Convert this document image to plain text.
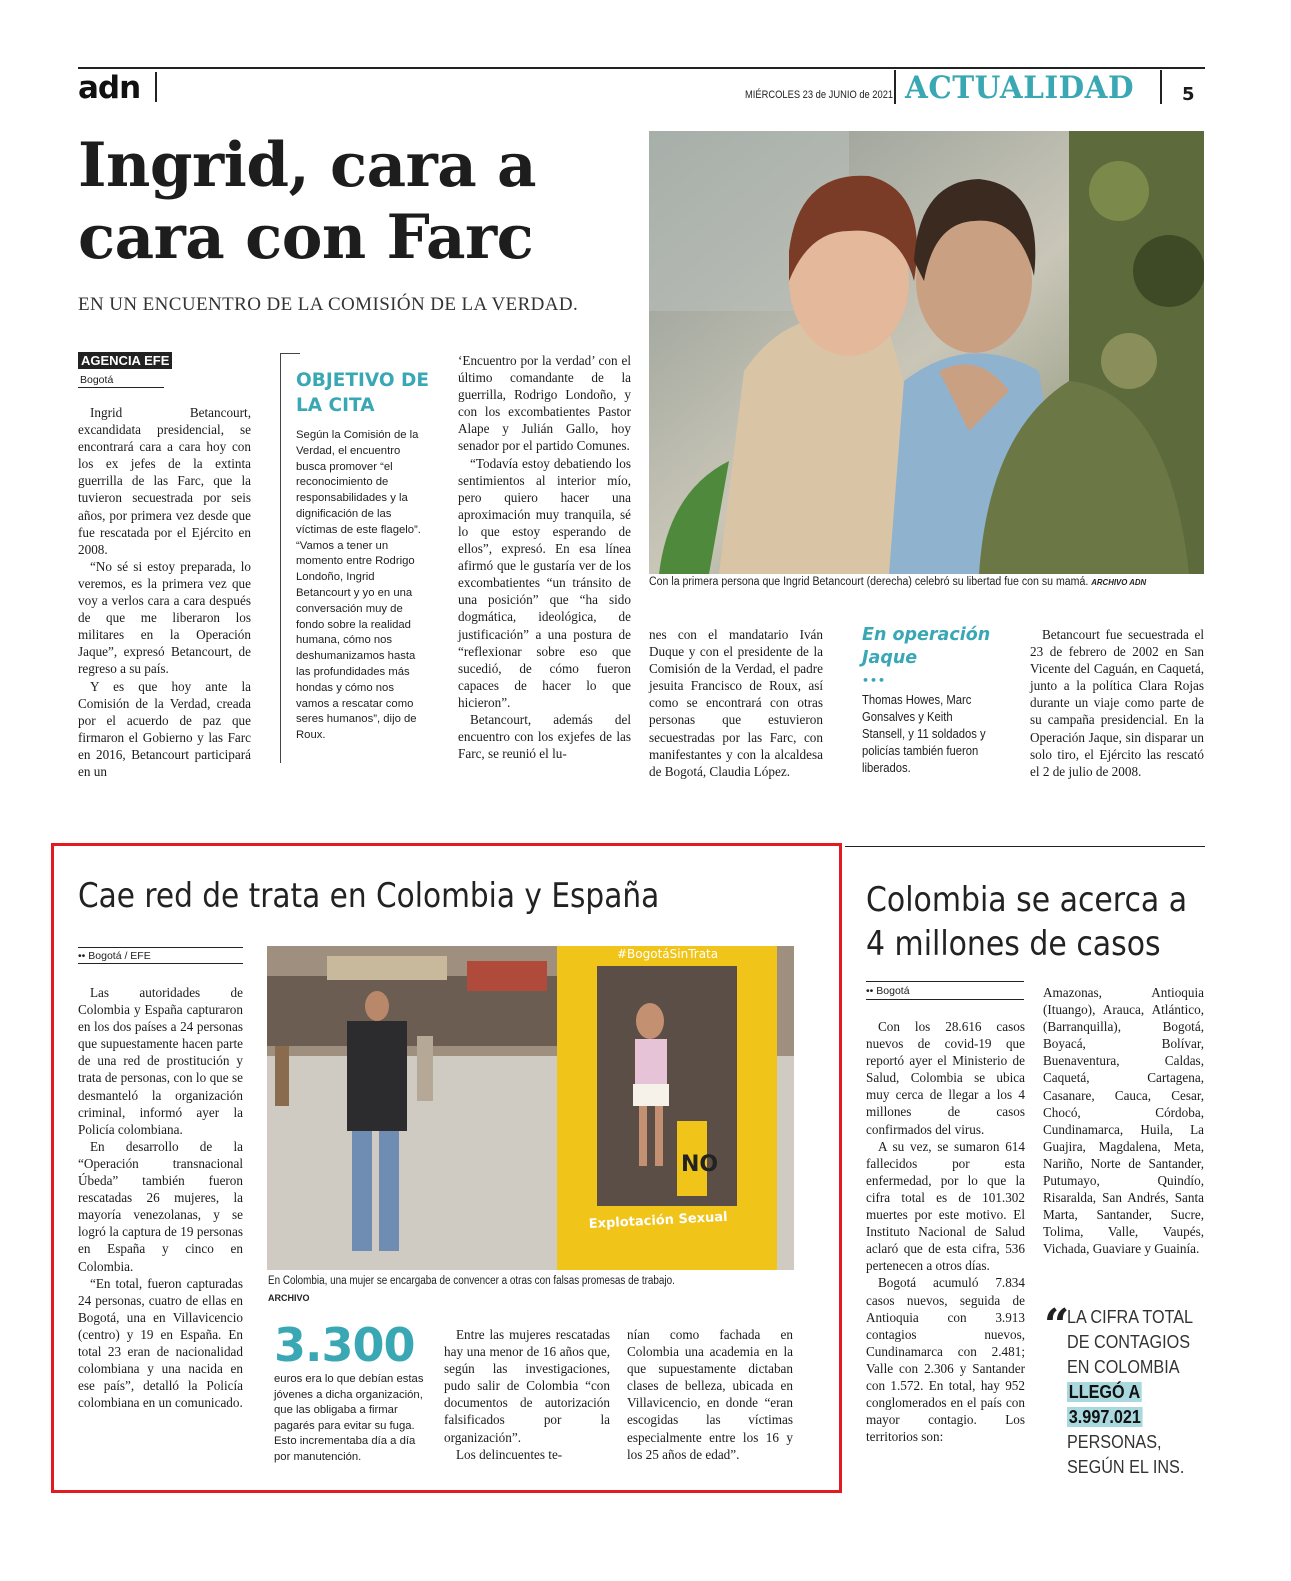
adn	MIÉRCOLES 23 de JUNIO de 2021 ACTUALIDAD	5
Ingrid, cara a cara con Farc
EN UN ENCUENTRO DE LA COMISIÓN DE LA VERDAD.
AGENCIA EFE
Bogotá

Ingrid Betancourt, excandidata presidencial, se encontrará cara a cara hoy con los ex jefes de la extinta guerrilla de las Farc, que la tuvieron secuestrada por seis años, por primera vez desde que fue rescatada por el Ejército en 2008.

“No sé si estoy preparada, lo veremos, es la primera vez que voy a verlos cara a cara después de que me liberaron los militares en la Operación Jaque”, expresó Betancourt, de regreso a su país.

Y es que hoy ante la Comisión de la Verdad, creada por el acuerdo de paz que firmaron el Gobierno y las Farc en 2016, Betancourt participará en un

OBJETIVO DE LA CITA
Según la Comisión de la Verdad, el encuentro busca promover “el reconocimiento de responsabilidades y la dignificación de las víctimas de este flagelo”. “Vamos a tener un momento entre Rodrigo Londoño, Ingrid Betancourt y yo en una conversación muy de fondo sobre la realidad humana, cómo nos deshumanizamos hasta las profundidades más hondas y cómo nos vamos a rescatar como seres humanos”, dijo de Roux.

‘Encuentro por la verdad’ con el último comandante de la guerrilla, Rodrigo Londoño, y con los excombatientes Pastor Alape y Julián Gallo, hoy senador por el partido Comunes.

“Todavía estoy debatiendo los sentimientos al interior mío, pero quiero hacer una aproximación muy tranquila, sé lo que estoy esperando de ellos”, expresó. En esa línea afirmó que le gustaría ver de los excombatientes “un tránsito de una posición” que “ha sido dogmática, ideológica, de justificación” a una postura de “reflexionar sobre eso que sucedió, de cómo fueron capaces de hacer lo que hicieron”.

Betancourt, además del encuentro con los exjefes de las Farc, se reunió el lu-

nes con el mandatario Iván Duque y con el presidente de la Comisión de la Verdad, el padre jesuita Francisco de Roux, así como se encontrará con otras personas que estuvieron secuestradas por las Farc, con manifestantes y con la alcaldesa de Bogotá, Claudia López.

Con la primera persona que Ingrid Betancourt (derecha) celebró su libertad fue con su mamá. ARCHIVO ADN
En operación Jaque
•••
Thomas Howes, Marc Gonsalves y Keith Stansell, y 11 soldados y policías también fueron liberados.

Betancourt fue secuestrada el 23 de febrero de 2002 en San Vicente del Caguán, en Caquetá, junto a la política Clara Rojas durante un viaje como parte de su campaña presidencial. En la Operación Jaque, sin disparar un solo tiro, el Ejército las rescató el 2 de julio de 2008.

Cae red de trata en Colombia y España
•• Bogotá / EFE

Las autoridades de Colombia y España capturaron en los dos países a 24 personas que supuestamente hacen parte de una red de prostitución y trata de personas, con lo que se desmanteló la organización criminal, informó ayer la Policía colombiana.

En desarrollo de la “Operación transnacional Úbeda” también fueron rescatadas 26 mujeres, la mayoría venezolanas, y se logró la captura de 19 personas en España y cinco en Colombia.

“En total, fueron capturadas 24 personas, cuatro de ellas en Bogotá, una en Villavicencio (centro) y 19 en España. En total 23 eran de nacionalidad colombiana y una nacida en ese país”, detalló la Policía colombiana en un comunicado.

NO
#BogotáSinTrata
Explotación Sexual
En Colombia, una mujer se encargaba de convencer a otras con falsas promesas de trabajo.
ARCHIVO
3.300
euros era lo que debían estas jóvenes a dicha organización, que las obligaba a firmar pagarés para evitar su fuga. Esto incrementaba día a día por manutención.

Entre las mujeres rescatadas hay una menor de 16 años que, según las investigaciones, pudo salir de Colombia “con documentos de autorización falsificados por la organización”.

Los delincuentes te-

nían como fachada en Colombia una academia en la que supuestamente dictaban clases de belleza, ubicada en Villavicencio, en donde “eran escogidas las víctimas especialmente entre los 16 y los 25 años de edad”.

Colombia se acerca a
4 millones de casos
•• Bogotá

Con los 28.616 casos nuevos de covid-19 que reportó ayer el Ministerio de Salud, Colombia se ubica muy cerca de llegar a los 4 millones de casos confirmados del virus.

A su vez, se sumaron 614 fallecidos por esta enfermedad, por lo que la cifra total es de 101.302 muertes por este motivo. El Instituto Nacional de Salud aclaró que de esta cifra, 536 pertenecen a otros días.

Bogotá acumuló 7.834 casos nuevos, seguida de Antioquia con 3.913 contagios nuevos, Cundinamarca con 2.481; Valle con 2.306 y Santander con 1.572. En total, hay 952 conglomerados en el país con mayor contagio. Los territorios son:

Amazonas, Antioquia (Ituango), Arauca, Atlántico, (Barranquilla), Bogotá, Boyacá, Bolívar, Buenaventura, Caldas, Caquetá, Cartagena, Casanare, Cauca, Cesar, Chocó, Córdoba, Cundinamarca, Huila, La Guajira, Magdalena, Meta, Nariño, Norte de Santander, Putumayo, Quindío, Risaralda, San Andrés, Santa Marta, Santander, Sucre, Tolima, Valle, Vaupés, Vichada, Guaviare y Guainía.

“
LA CIFRA TOTAL DE CONTAGIOS EN COLOMBIA
LLEGÓ A
3.997.021
PERSONAS, SEGÚN EL INS.
